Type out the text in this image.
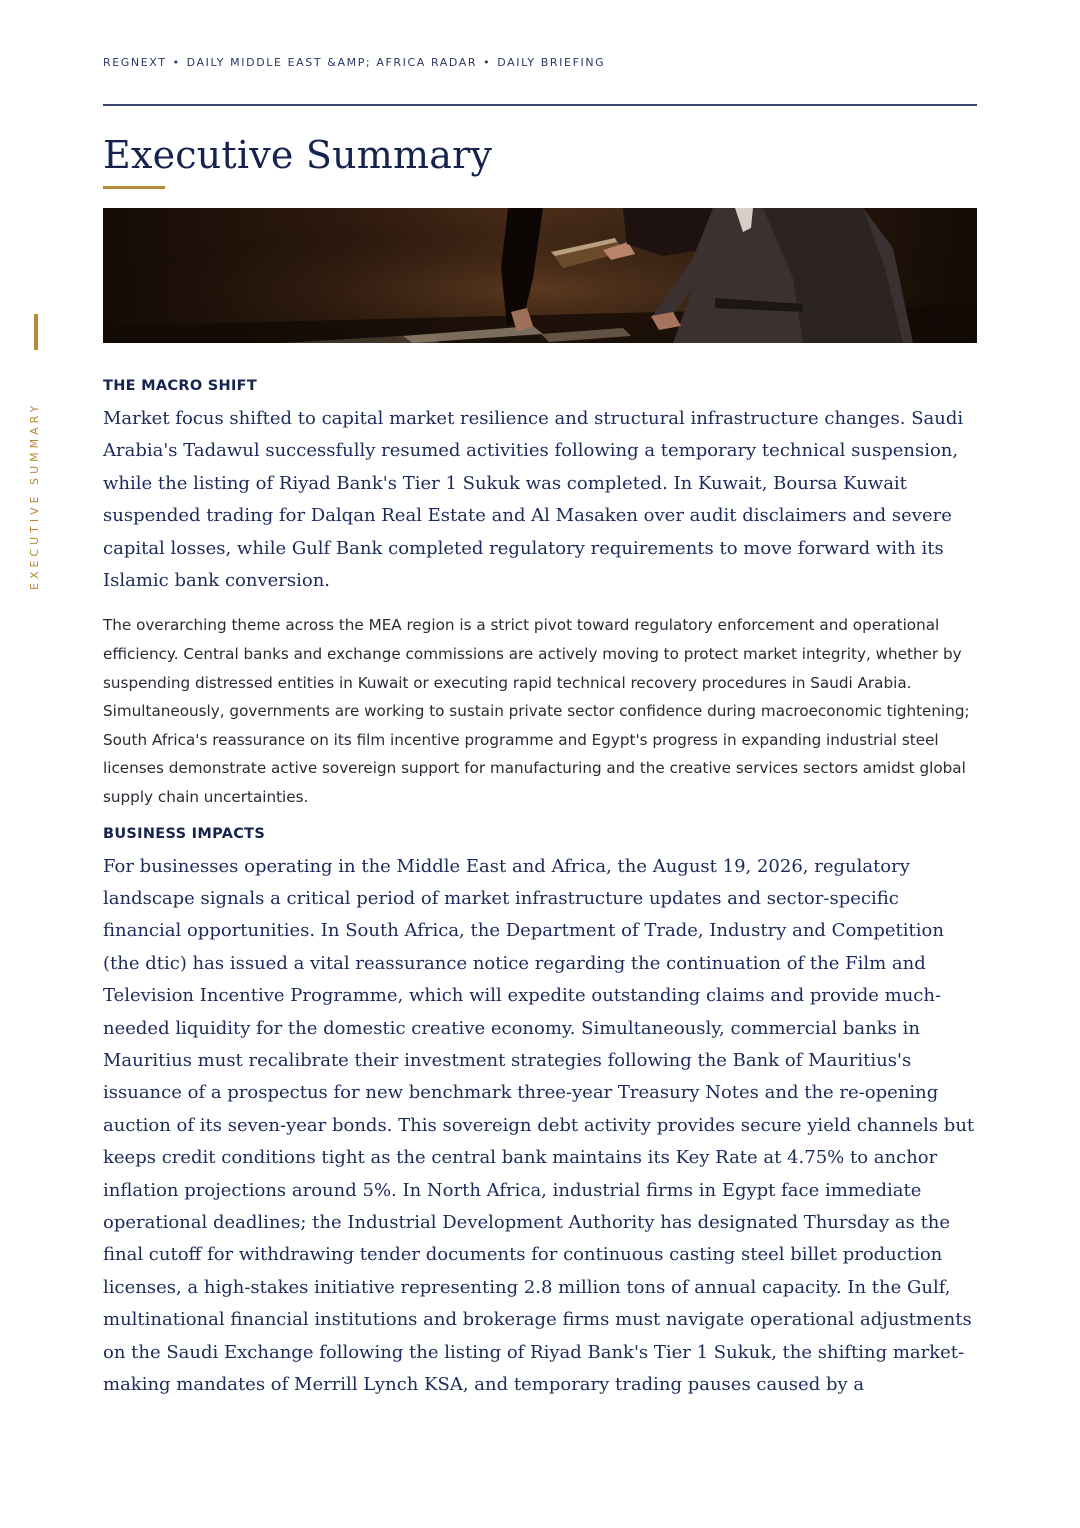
EXECUTIVE SUMMARY
REGNEXT • DAILY MIDDLE EAST &AMP; AFRICA RADAR • DAILY BRIEFING
Executive Summary
THE MACRO SHIFT

Market focus shifted to capital market resilience and structural infrastructure changes. Saudi Arabia's Tadawul successfully resumed activities following a temporary technical suspension, while the listing of Riyad Bank's Tier 1 Sukuk was completed. In Kuwait, Boursa Kuwait suspended trading for Dalqan Real Estate and Al Masaken over audit disclaimers and severe capital losses, while Gulf Bank completed regulatory requirements to move forward with its Islamic bank conversion.

The overarching theme across the MEA region is a strict pivot toward regulatory enforcement and operational efficiency. Central banks and exchange commissions are actively moving to protect market integrity, whether by suspending distressed entities in Kuwait or executing rapid technical recovery procedures in Saudi Arabia. Simultaneously, governments are working to sustain private sector confidence during macroeconomic tightening; South Africa's reassurance on its film incentive programme and Egypt's progress in expanding industrial steel licenses demonstrate active sovereign support for manufacturing and the creative services sectors amidst global supply chain uncertainties.

BUSINESS IMPACTS

For businesses operating in the Middle East and Africa, the August 19, 2026, regulatory landscape signals a critical period of market infrastructure updates and sector-specific financial opportunities. In South Africa, the Department of Trade, Industry and Competition (the dtic) has issued a vital reassurance notice regarding the continuation of the Film and Television Incentive Programme, which will expedite outstanding claims and provide much-needed liquidity for the domestic creative economy. Simultaneously, commercial banks in Mauritius must recalibrate their investment strategies following the Bank of Mauritius's issuance of a prospectus for new benchmark three-year Treasury Notes and the re-opening auction of its seven-year bonds. This sovereign debt activity provides secure yield channels but keeps credit conditions tight as the central bank maintains its Key Rate at 4.75% to anchor inflation projections around 5%. In North Africa, industrial firms in Egypt face immediate operational deadlines; the Industrial Development Authority has designated Thursday as the final cutoff for withdrawing tender documents for continuous casting steel billet production licenses, a high-stakes initiative representing 2.8 million tons of annual capacity. In the Gulf, multinational financial institutions and brokerage firms must navigate operational adjustments on the Saudi Exchange following the listing of Riyad Bank's Tier 1 Sukuk, the shifting market-making mandates of Merrill Lynch KSA, and temporary trading pauses caused by a
